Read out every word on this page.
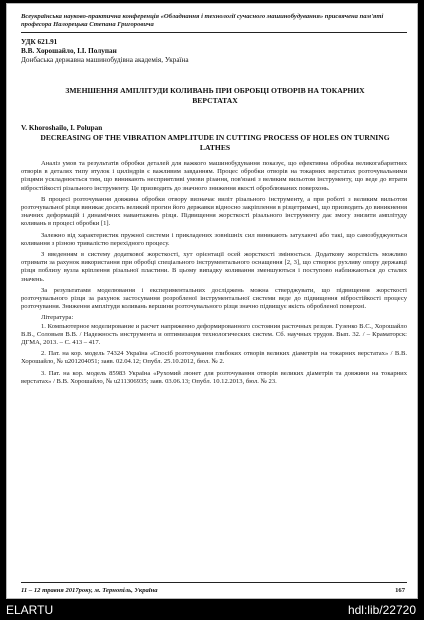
Всеукраїнська науково-практична конференція «Обладнання і технології сучасного машинобудування» присвячена пам'яті професора Налорецька Степана Григоровича
УДК 621.91
В.В. Хорошайло, І.І. Полупан
Донбаська державна машинобудівна академія, Україна
ЗМЕНШЕННЯ АМПЛІТУДИ КОЛИВАНЬ ПРИ ОБРОБЦІ ОТВОРІВ НА ТОКАРНИХ ВЕРСТАТАХ
V. Khoroshailo, I. Polupan
DECREASING OF THE VIBRATION AMPLITUDE IN CUTTING PROCESS OF HOLES ON TURNING LATHES

Аналіз умов та результатів обробки деталей для важкого машинобудування показує, що ефективна обробка великогабаритних отворів в деталях типу втулок і циліндрів є важливим завданням. Процес обробки отворів на токарних верстатах розточувальними різцями ускладнюється тим, що виникають несприятливі умови різання, пов'язані з великим вильотом інструменту, що веде до втрати вібростійкості різального інструменту. Це призводить до значного зниження якості оброблюваних поверхонь.

В процесі розточування довжина обробки отвору визначає виліт різального інструменту, а при роботі з великим вильотом розточувальної різця виникає досить великий прогин його державки відносно закріплення в різцетримачі, що призводить до виникнення значних деформацій і динамічних навантажень різця. Підвищення жорсткості різального інструменту дає змогу знизити амплітуду коливань в процесі обробки [1].

Залежно від характеристик пружної системи і прикладених зовнішніх сил виникають затухаючі або такі, що самозбуджуються коливання з різною тривалістю перехідного процесу.

З введенням в систему додаткової жорсткості, хут орієнтації осей жорсткості змінюється. Додаткову жорсткість можливо отримати за рахунок використання при обробці спеціального інструментального оснащення [2, 3], що створює рухливу опору державці різця поблизу вузла кріплення різальної пластини. В цьому випадку коливання зменшуються і поступово наближаються до сталих значень.

За результатами моделювання і експериментальних досліджень можна стверджувати, що підвищення жорсткості розточувального різця за рахунок застосування розробленої інструментальної системи веде до підвищення вібростійкості процесу розточування. Зниження амплітуди коливань вершини розточувального різця значно підвищує якість обробленої поверхні.

Література:

1. Компьютерное моделирование и расчет напряженно деформированного состояния расточных резцов. Гузенко В.С., Хорошайло В.В., Соловьев В.В. / Надежность инструмента и оптимизация технологических систем. Сб. научных трудов. Вып. 32. / – Краматорск: ДГМА, 2013. – С. 413 – 417.

2. Пат. на кор. модель 74324 Україна «Спосіб розточування глибоких отворів великих діаметрів на токарних верстатах» / В.В. Хорошайло, № u201204051; заяв. 02.04.12; Опубл. 25.10.2012, бюл. № 2.

3. Пат. на кор. модель 85983 Україна «Рухомий люнет для розточування отворів великих діаметрів та довжини на токарних верстатах» / В.В. Хорошайло, № u211306935; заяв. 03.06.13; Опубл. 10.12.2013, бюл. № 23.

11 – 12 травня 2017року, м. Тернопіль, Україна	167
ELARTU	hdl:lib/22720
